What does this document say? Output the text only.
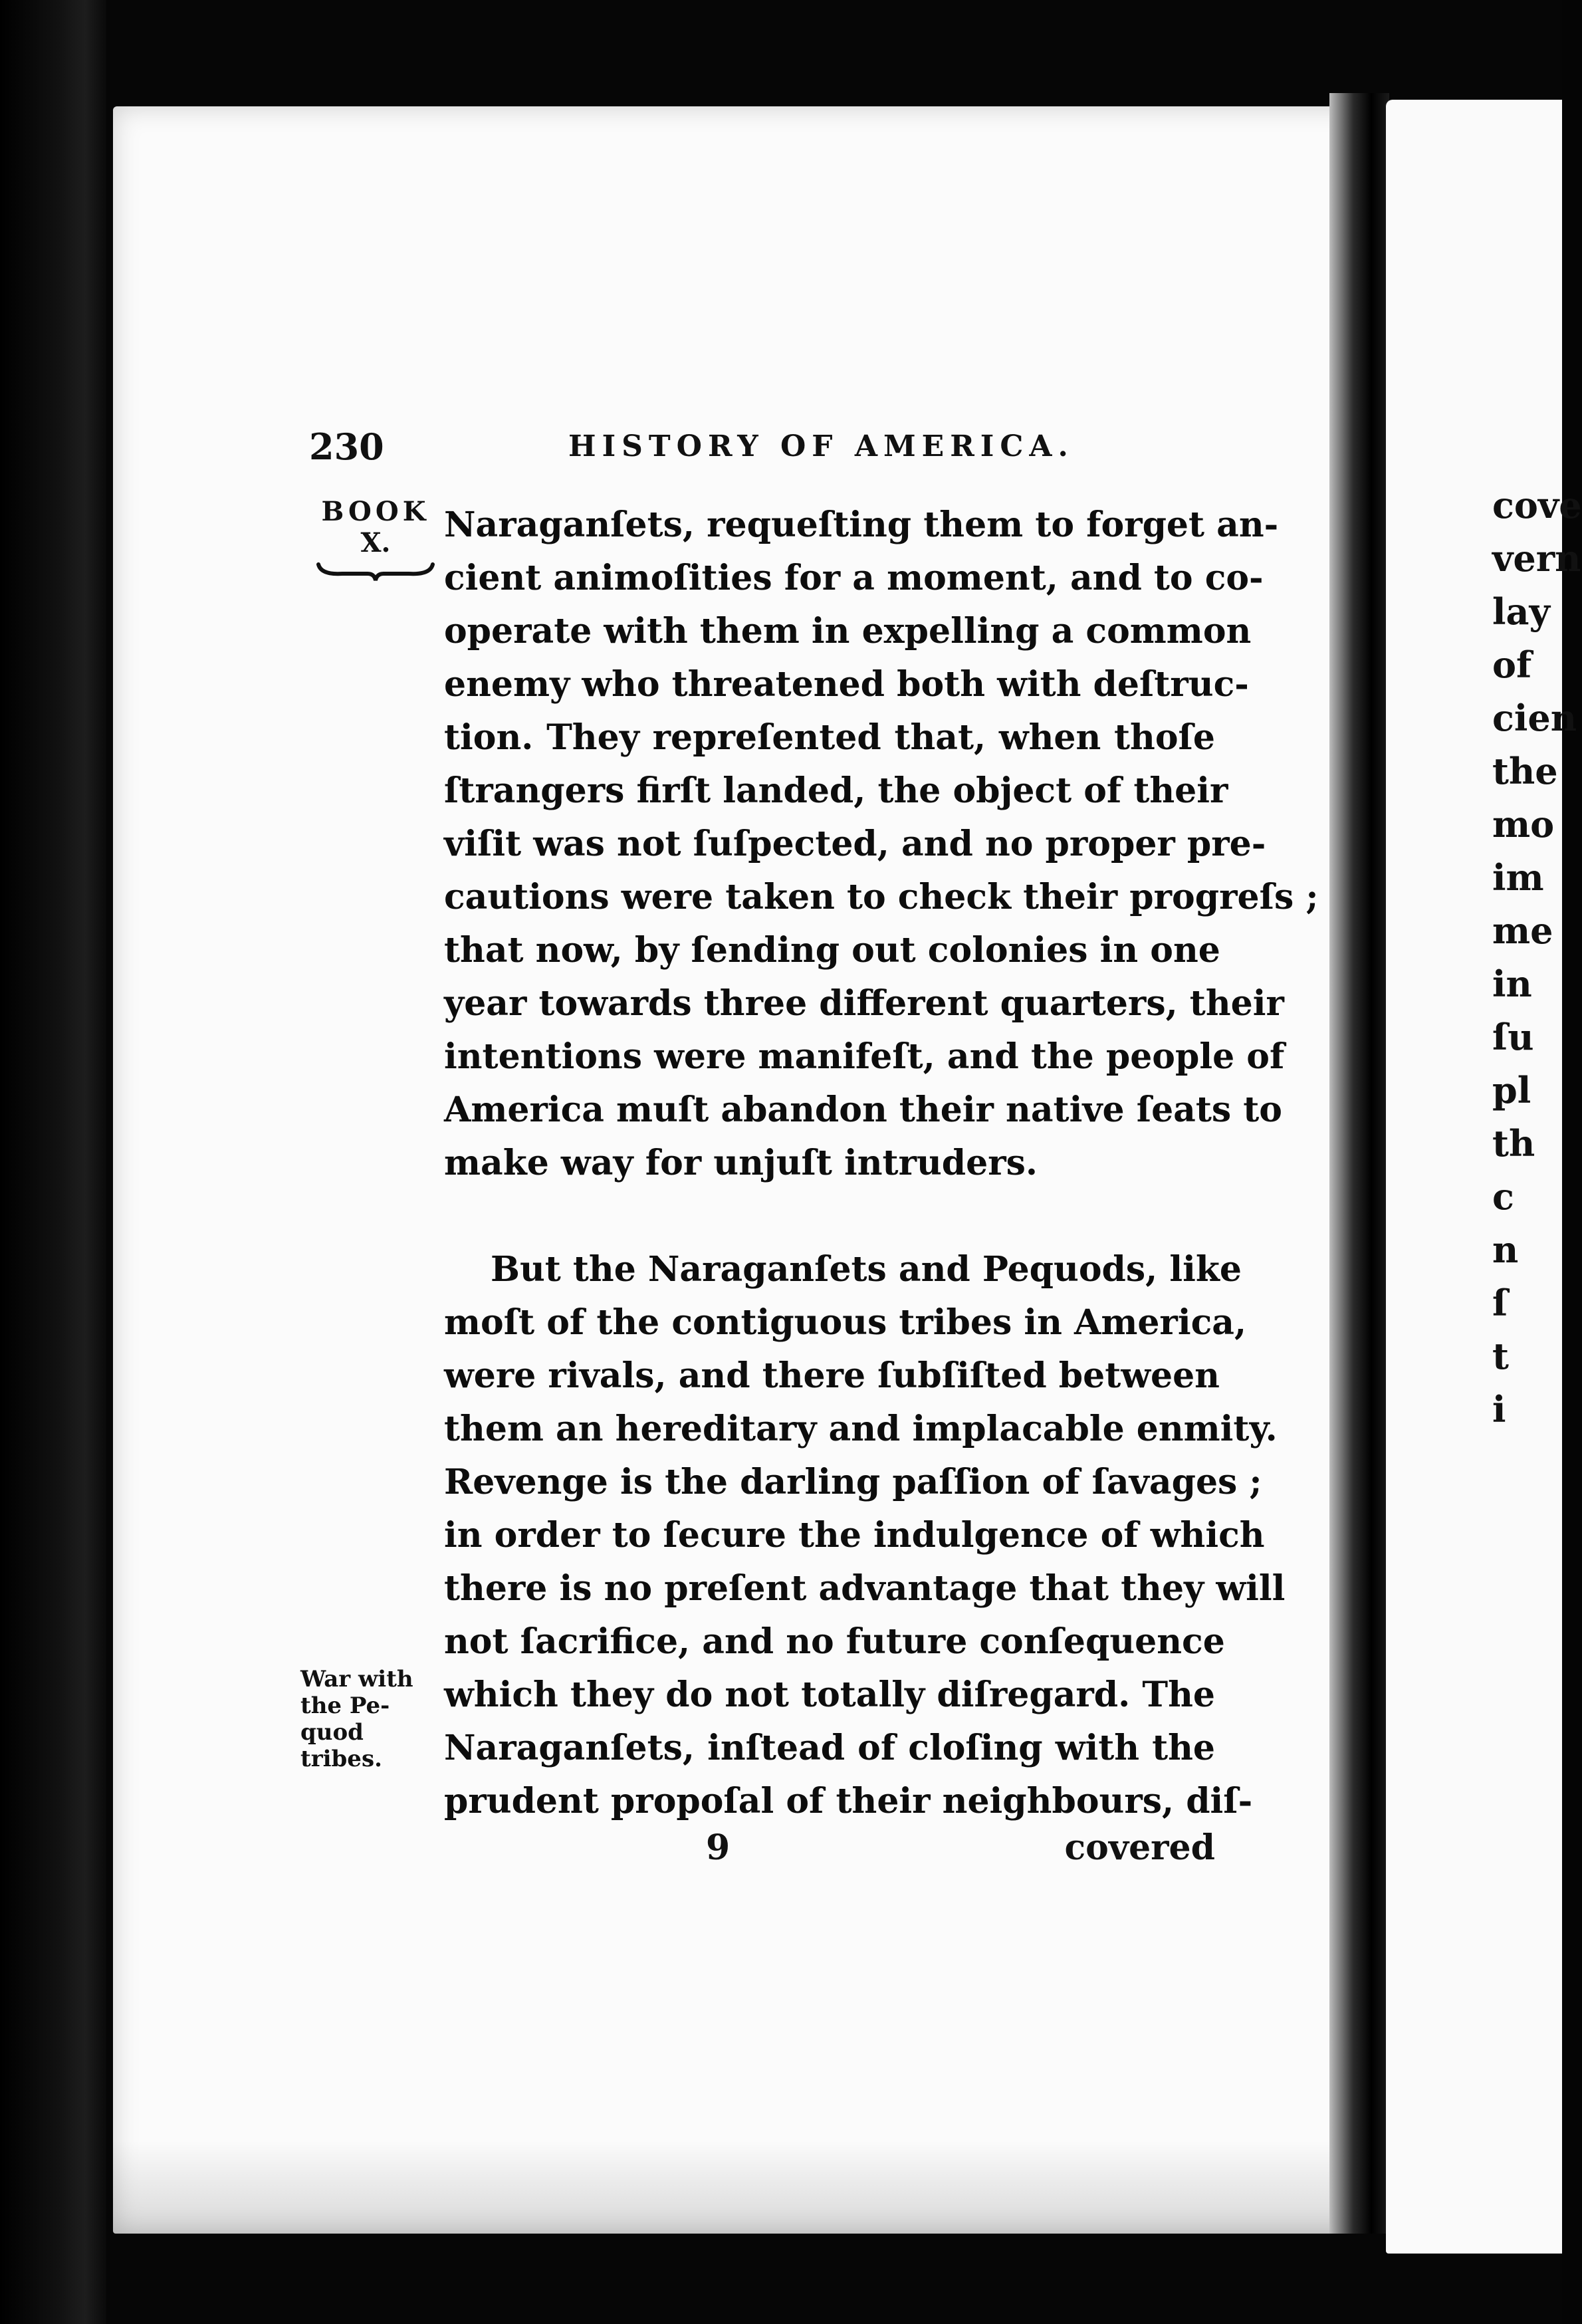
cove
vern
lay
of
cien
the
mo
im
me
in
ſu
pl
th
c
n
ſ
t
i
230	HISTORY OF AMERICA.
BOOK
X.	Naraganſets, requeſting them to forget an-
cient animoſities for a moment, and to co-
operate with them in expelling a common
enemy who threatened both with deſtruc-
tion. They repreſented that, when thoſe
ſtrangers firſt landed, the object of their
viſit was not ſuſpected, and no proper pre-
cautions were taken to check their progreſs ;
that now, by ſending out colonies in one
year towards three different quarters, their
intentions were manifeſt, and the people of
America muſt abandon their native ſeats to
make way for unjuſt intruders.
But the Naraganſets and Pequods, like
moſt of the contiguous tribes in America,
were rivals, and there ſubſiſted between
them an hereditary and implacable enmity.
Revenge is the darling paſſion of ſavages ;
in order to ſecure the indulgence of which
there is no preſent advantage that they will
not ſacrifice, and no future conſequence
which they do not totally diſregard. The
Naraganſets, inſtead of cloſing with the
prudent propoſal of their neighbours, diſ-
War with
the Pe-
quod
tribes.
9	covered
